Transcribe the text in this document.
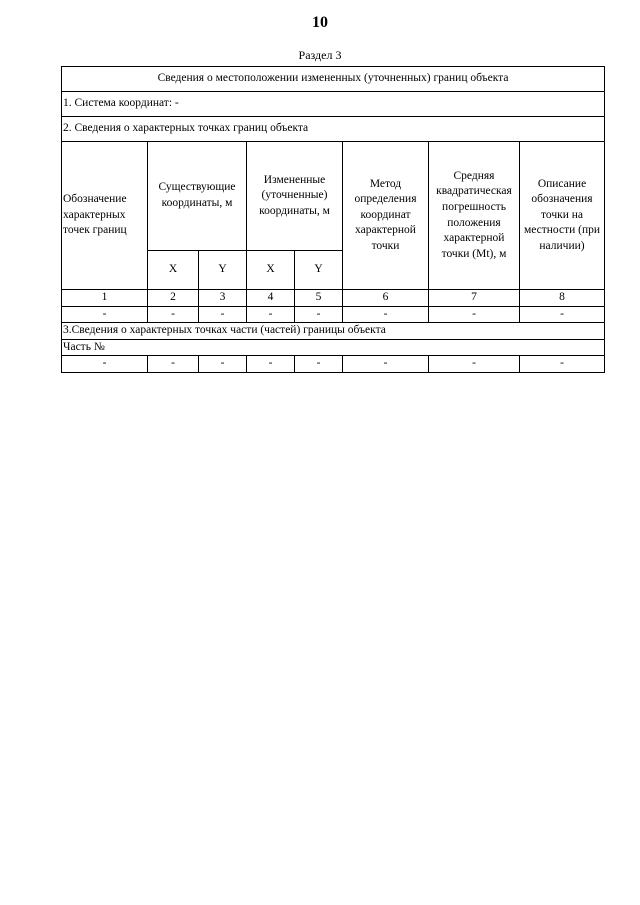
10
Раздел 3
Сведения о местоположении измененных (уточненных) границ объекта							
1. Система координат: -							
2. Сведения о характерных точках границ объекта							
Обозначение характерных точек границ	Существующие координаты, м		Измененные (уточненные) координаты, м		Метод определения координат характерной точки	Средняя квадратическая погрешность положения характерной точки (Mt), м	Описание обозначения точки на местности (при наличии)
	X	Y	X	Y			
1	2	3	4	5	6	7	8
-	-	-	-	-	-	-	-
3.Сведения о характерных точках части (частей) границы объекта							
Часть №							
-	-	-	-	-	-	-	-
